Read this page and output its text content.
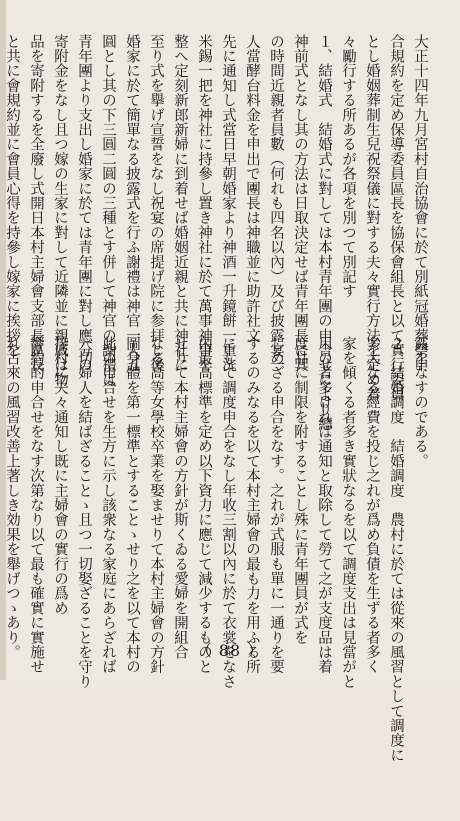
大正十四年九月宮村自治協會に於て別紙冠婚葬祭申
合規約を定め保導委員區長を協保會組長と以て實行委員
とし婚姻葬制生兒祝祭儀に對する夫々實行方法を定め着
々勵行する所あるが各項を別つて別記す
１、結婚式　結婚式に對しては本村青年團の申合せにより總
神前式となし其の方法は日取決定せば青年團長に其
の時間近親者員數（何れも四名以內）及び披露宴一
人當酵台料金を申出で團長は神職並に助許社文
先に通知し式當日早朝婚家より神酒一升鏡餅一重洗
米錫一把を神社に持參し置き神社に於て萬事神事を
整へ定刻新郎新婦に到着せば婚姻近親と共に神社に
至り式を擧げ宣誓をなし祝宴の席提げ院に参拝し後
婚家に於て簡單なる披露式を行ふ謝禮は神官一人五
圓とし其の下三圓二圓の三種とす併して神官の謝禮は
青年團より支出し婚家に於ては青年團に對し應分の
寄附金をなし且つ嫁の生家に對して近隣並に親戚は物
品を寄附するを全廢し式開日本村主婦會支部長區長
と共に會規約並に會員心得を持參し嫁家に挨拶を
露をなすのである。
２、結婚調度　結婚調度　農村に於ては從來の風習として調度に
多大なる經費を投じ之れが爲め負債を生ずる者多く
家を傾くる者多き實狀なるを以て調度支出は見當がと
用の者多ければ通知と取除して勞て之が支度品は着
度品に制限を附することし殊に青年團員が式を
しめざる申合をなす。之れが式服も單に一通りを要
するのみなるを以て本村主婦會の最も力を用ふる所
にして調度申合をなし年收三割以內に於て衣裳をなさ
內最高標準を定め以下資力に應じて減少するものと
せりて本村主婦會の方針が斯くゐる愛婦を開組合
なる高等女學校卒業を娶ませりて本村主婦會の方針
圖身體を第一標準とすることゝせり之を以て本村の
此の申合せを生方に示し該衆なる家庭にあらざれば
一切婦人を結ばざることゝ且つ一切娶ざることを守り
接村に夫々通知し既に主婦會の實行の爲め
響約的申合せをなす次第なり以て最も確實に實施せ
れ古來の風習改善上著しき効果を舉げつゝあり。	（ 88 ）
